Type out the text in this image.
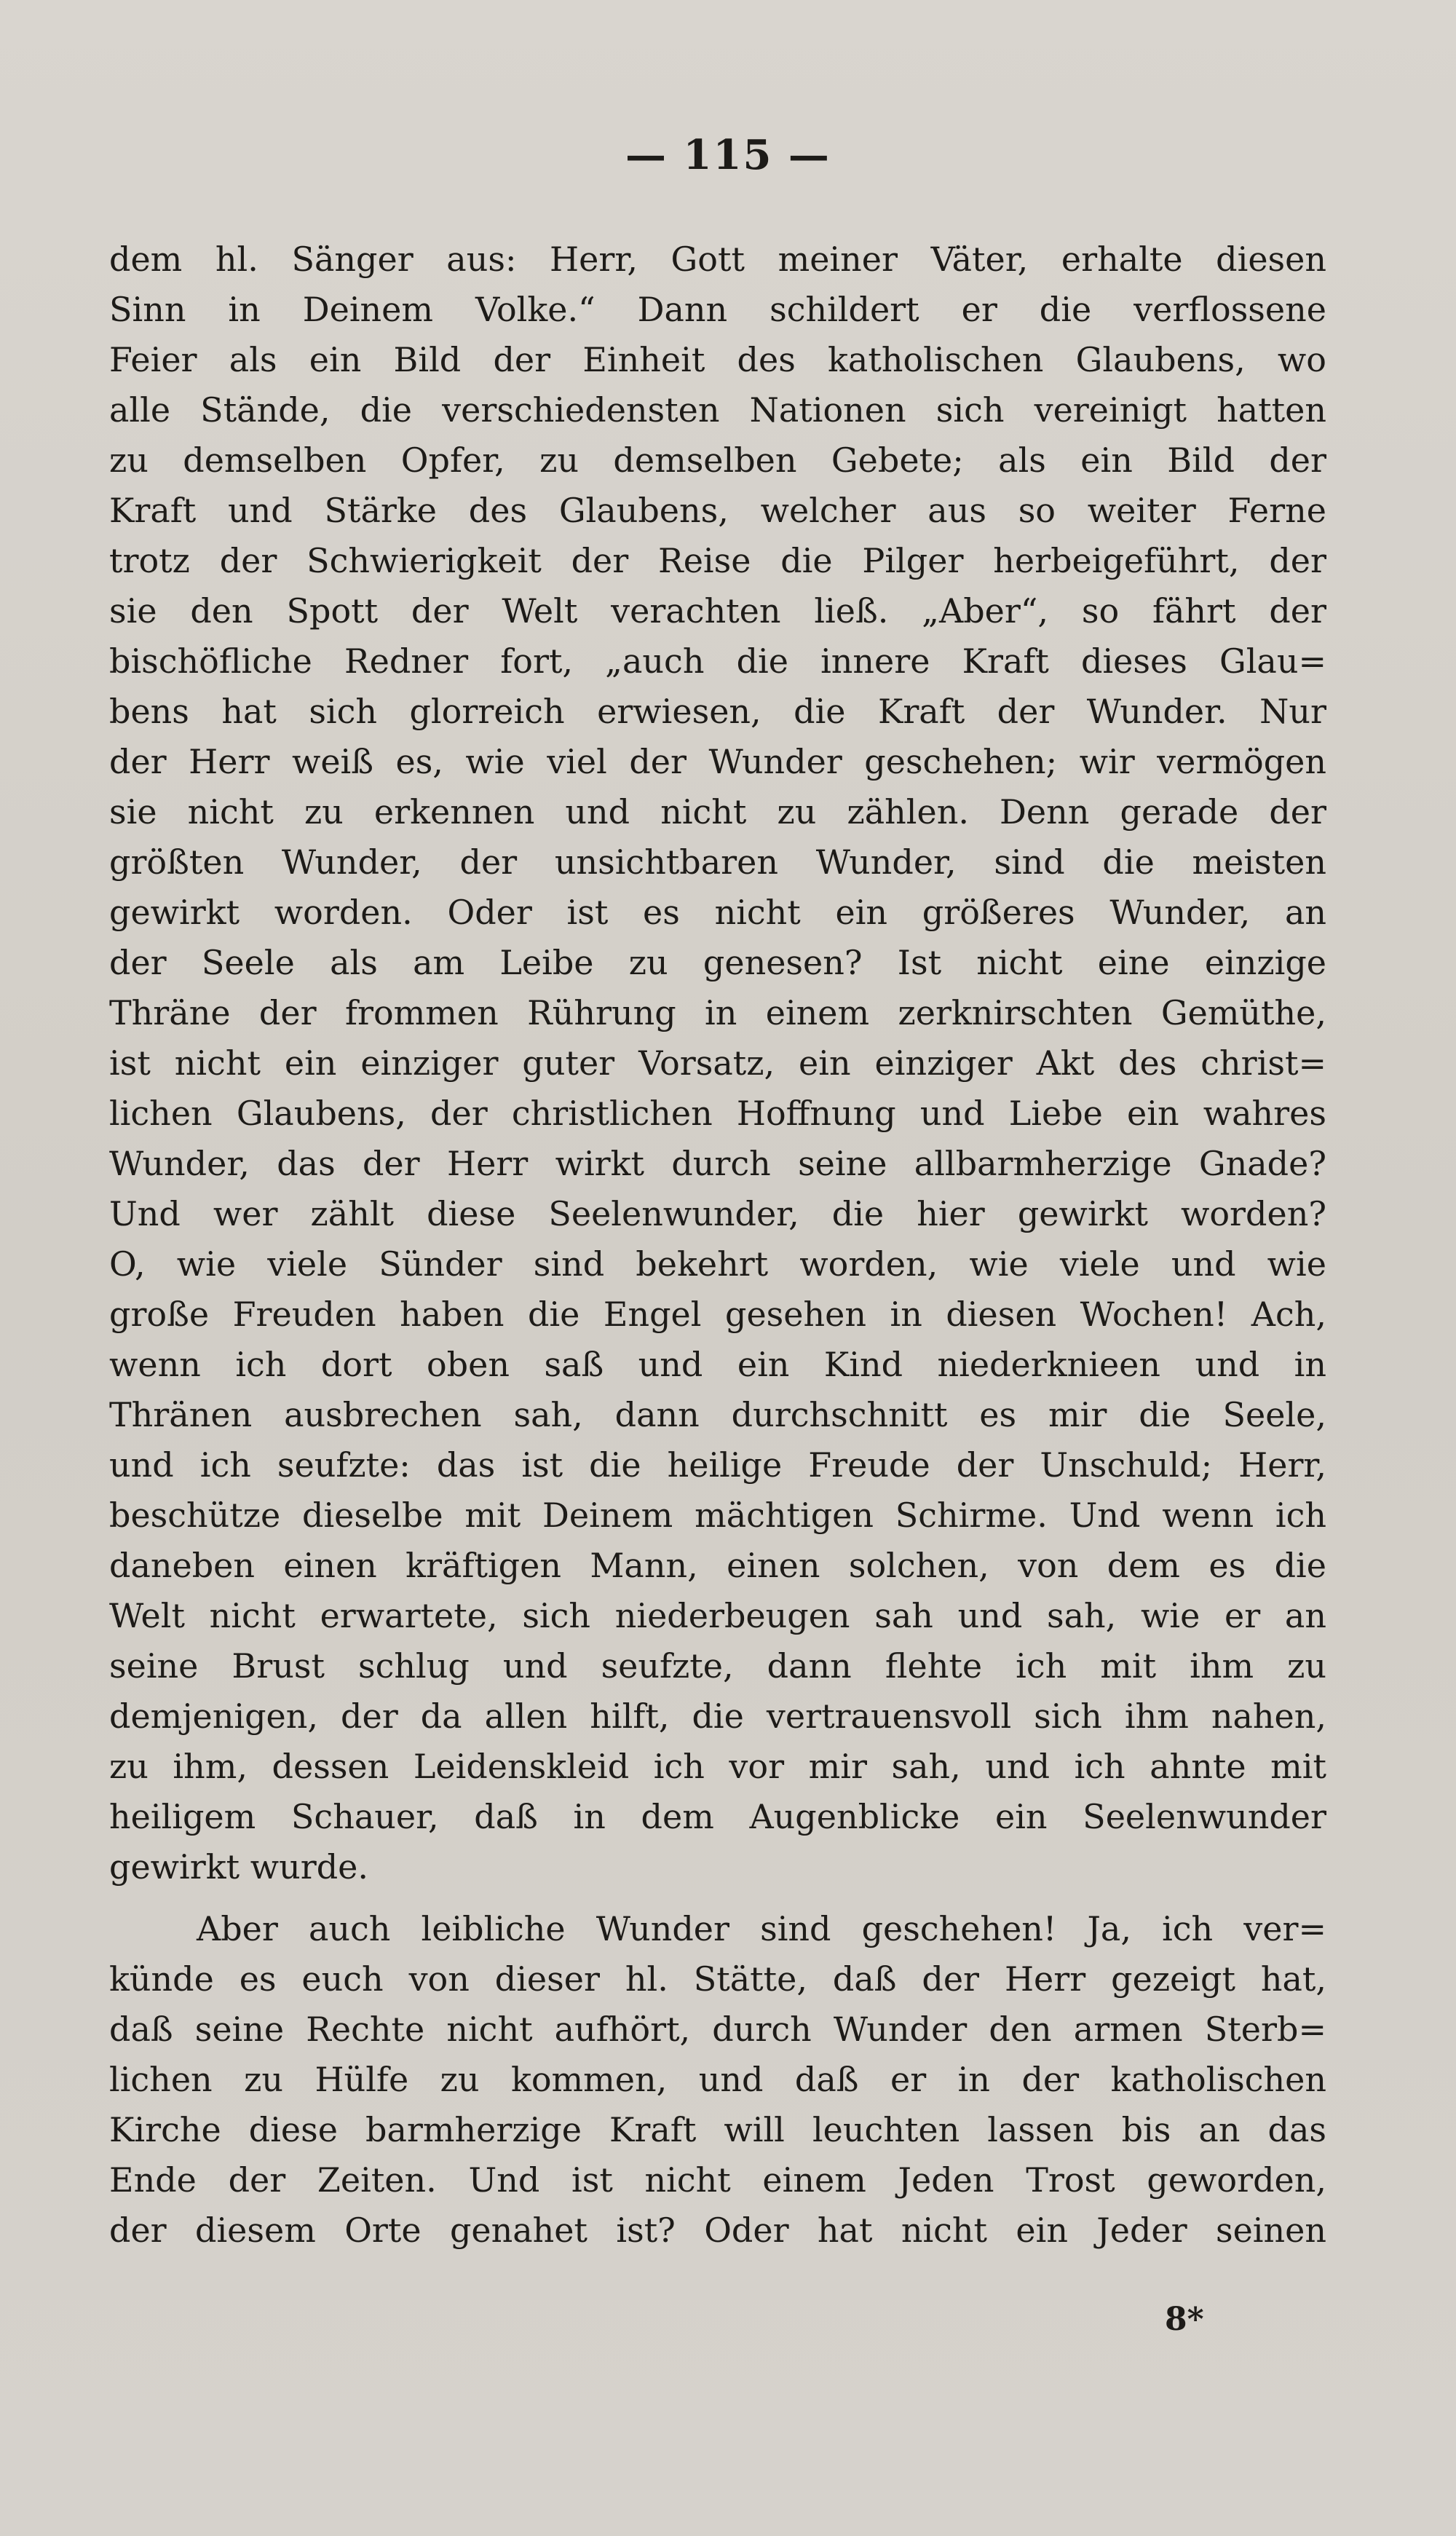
— 115 —
dem hl. Sänger aus: Herr, Gott meiner Väter, erhalte diesen
Sinn in Deinem Volke.“ Dann schildert er die verflossene
Feier als ein Bild der Einheit des katholischen Glaubens, wo
alle Stände, die verschiedensten Nationen sich vereinigt hatten
zu demselben Opfer, zu demselben Gebete; als ein Bild der
Kraft und Stärke des Glaubens, welcher aus so weiter Ferne
trotz der Schwierigkeit der Reise die Pilger herbeigeführt, der
sie den Spott der Welt verachten ließ. „Aber“, so fährt der
bischöfliche Redner fort, „auch die innere Kraft dieses Glau=
bens hat sich glorreich erwiesen, die Kraft der Wunder. Nur
der Herr weiß es, wie viel der Wunder geschehen; wir vermögen
sie nicht zu erkennen und nicht zu zählen. Denn gerade der
größten Wunder, der unsichtbaren Wunder, sind die meisten
gewirkt worden. Oder ist es nicht ein größeres Wunder, an
der Seele als am Leibe zu genesen? Ist nicht eine einzige
Thräne der frommen Rührung in einem zerknirschten Gemüthe,
ist nicht ein einziger guter Vorsatz, ein einziger Akt des christ=
lichen Glaubens, der christlichen Hoffnung und Liebe ein wahres
Wunder, das der Herr wirkt durch seine allbarmherzige Gnade?
Und wer zählt diese Seelenwunder, die hier gewirkt worden?
O, wie viele Sünder sind bekehrt worden, wie viele und wie
große Freuden haben die Engel gesehen in diesen Wochen! Ach,
wenn ich dort oben saß und ein Kind niederknieen und in
Thränen ausbrechen sah, dann durchschnitt es mir die Seele,
und ich seufzte: das ist die heilige Freude der Unschuld; Herr,
beschütze dieselbe mit Deinem mächtigen Schirme. Und wenn ich
daneben einen kräftigen Mann, einen solchen, von dem es die
Welt nicht erwartete, sich niederbeugen sah und sah, wie er an
seine Brust schlug und seufzte, dann flehte ich mit ihm zu
demjenigen, der da allen hilft, die vertrauensvoll sich ihm nahen,
zu ihm, dessen Leidenskleid ich vor mir sah, und ich ahnte mit
heiligem Schauer, daß in dem Augenblicke ein Seelenwunder
gewirkt wurde.
Aber auch leibliche Wunder sind geschehen! Ja, ich ver=
künde es euch von dieser hl. Stätte, daß der Herr gezeigt hat,
daß seine Rechte nicht aufhört, durch Wunder den armen Sterb=
lichen zu Hülfe zu kommen, und daß er in der katholischen
Kirche diese barmherzige Kraft will leuchten lassen bis an das
Ende der Zeiten. Und ist nicht einem Jeden Trost geworden,
der diesem Orte genahet ist? Oder hat nicht ein Jeder seinen
8*
